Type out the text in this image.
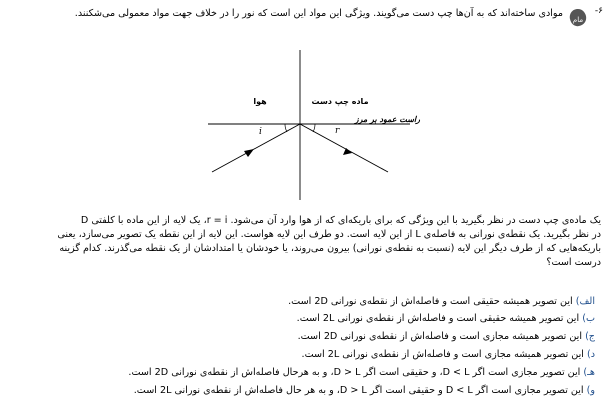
-۶
مام
موادی ساخته‌اند که به آن‌ها چپ دست می‌گویند. ویژگی این مواد این است که نور را در خلاف جهت مواد معمولی می‌شکنند.
هوا	ماده چپ دست
راست عمود بر مرز
i	r

یک ماده‌ی چپ دست در نظر بگیرید با این ویژگی که برای باریکه‌ای که از هوا وارد آن می‌شود. r = i، یک لایه از این ماده با کلفتی D

در نظر بگیرید. یک نقطه‌ی نورانی به فاصله‌ی L از این لایه است. دو طرف این لایه هواست. این لایه از این نقطه یک تصویر می‌سازد، یعنی

باریکه‌هایی که از طرف دیگر این لایه (نسبت به نقطه‌ی نورانی) بیرون می‌روند، یا خودشان یا امتدادشان از یک نقطه می‌گذرند. کدام گزینه

درست است؟

الف) این تصویر همیشه حقیقی است و فاصله‌اش از نقطه‌ی نورانی 2D است.
ب) این تصویر همیشه حقیقی است و فاصله‌اش از نقطه‌ی نورانی 2L است.
ج) این تصویر همیشه مجازی است و فاصله‌اش از نقطه‌ی نورانی 2D است.
د) این تصویر همیشه مجازی است و فاصله‌اش از نقطه‌ی نورانی 2L است.
هـ) این تصویر مجازی است اگر D < L، و حقیقی است اگر D > L، و به هرحال فاصله‌اش از نقطه‌ی نورانی 2D است.
و) این تصویر مجازی است اگر D < L و حقیقی است اگر D > L، و به هر حال فاصله‌اش از نقطه‌ی نورانی 2L است.
